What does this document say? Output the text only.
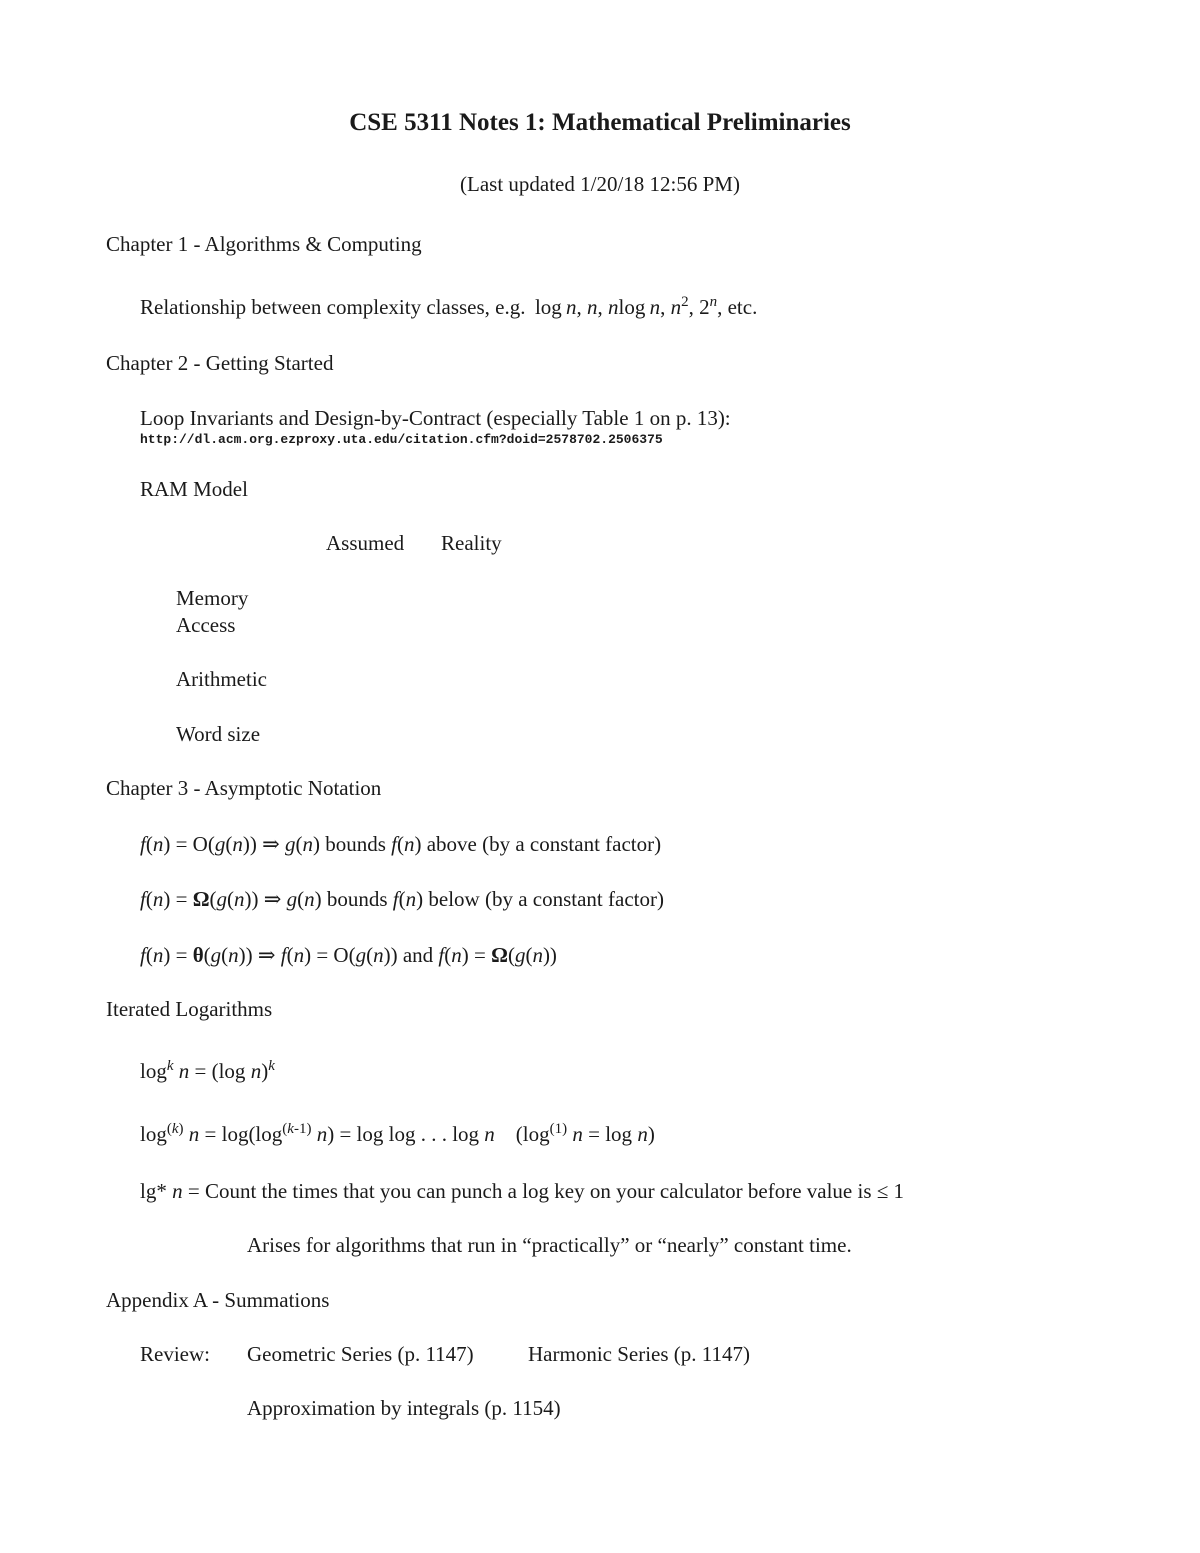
CSE 5311 Notes 1: Mathematical Preliminaries
(Last updated 1/20/18 12:56 PM)
Chapter 1 - Algorithms & Computing
Relationship between complexity classes, e.g.   log  n, n, nlog  n, $n^2$, 2$^n$, etc.
Chapter 2 - Getting Started
Loop Invariants and Design-by-Contract (especially Table 1 on p. 13):
http://dl.acm.org.ezproxy.uta.edu/citation.cfm?doid=2578702.2506375
RAM Model
Assumed Reality
Memory
Access
Arithmetic
Word size
Chapter 3 - Asymptotic Notation
f(n) = O(g(n)) ⇒ g(n) bounds f(n) above (by a constant factor)
f(n) = Ω(g(n)) ⇒ g(n) bounds f(n) below (by a constant factor)
f(n) = θ(g(n)) ⇒ f(n) = O(g(n)) and f(n) = Ω(g(n))
Iterated Logarithms
$\log^k n = (\log$ n)$^k$
$\log^{(k)} n = \log(\log^{(k-1)}$ n) = log log . . . log n    ($\log^{(1)}$ n = log n)
lg* n = Count the times that you can punch a log key on your calculator before value is ≤ 1
Arises for algorithms that run in “practically” or “nearly” constant time.
Appendix A - Summations
Review: Geometric Series (p. 1147)	Harmonic Series (p. 1147)
Approximation by integrals (p. 1154)
